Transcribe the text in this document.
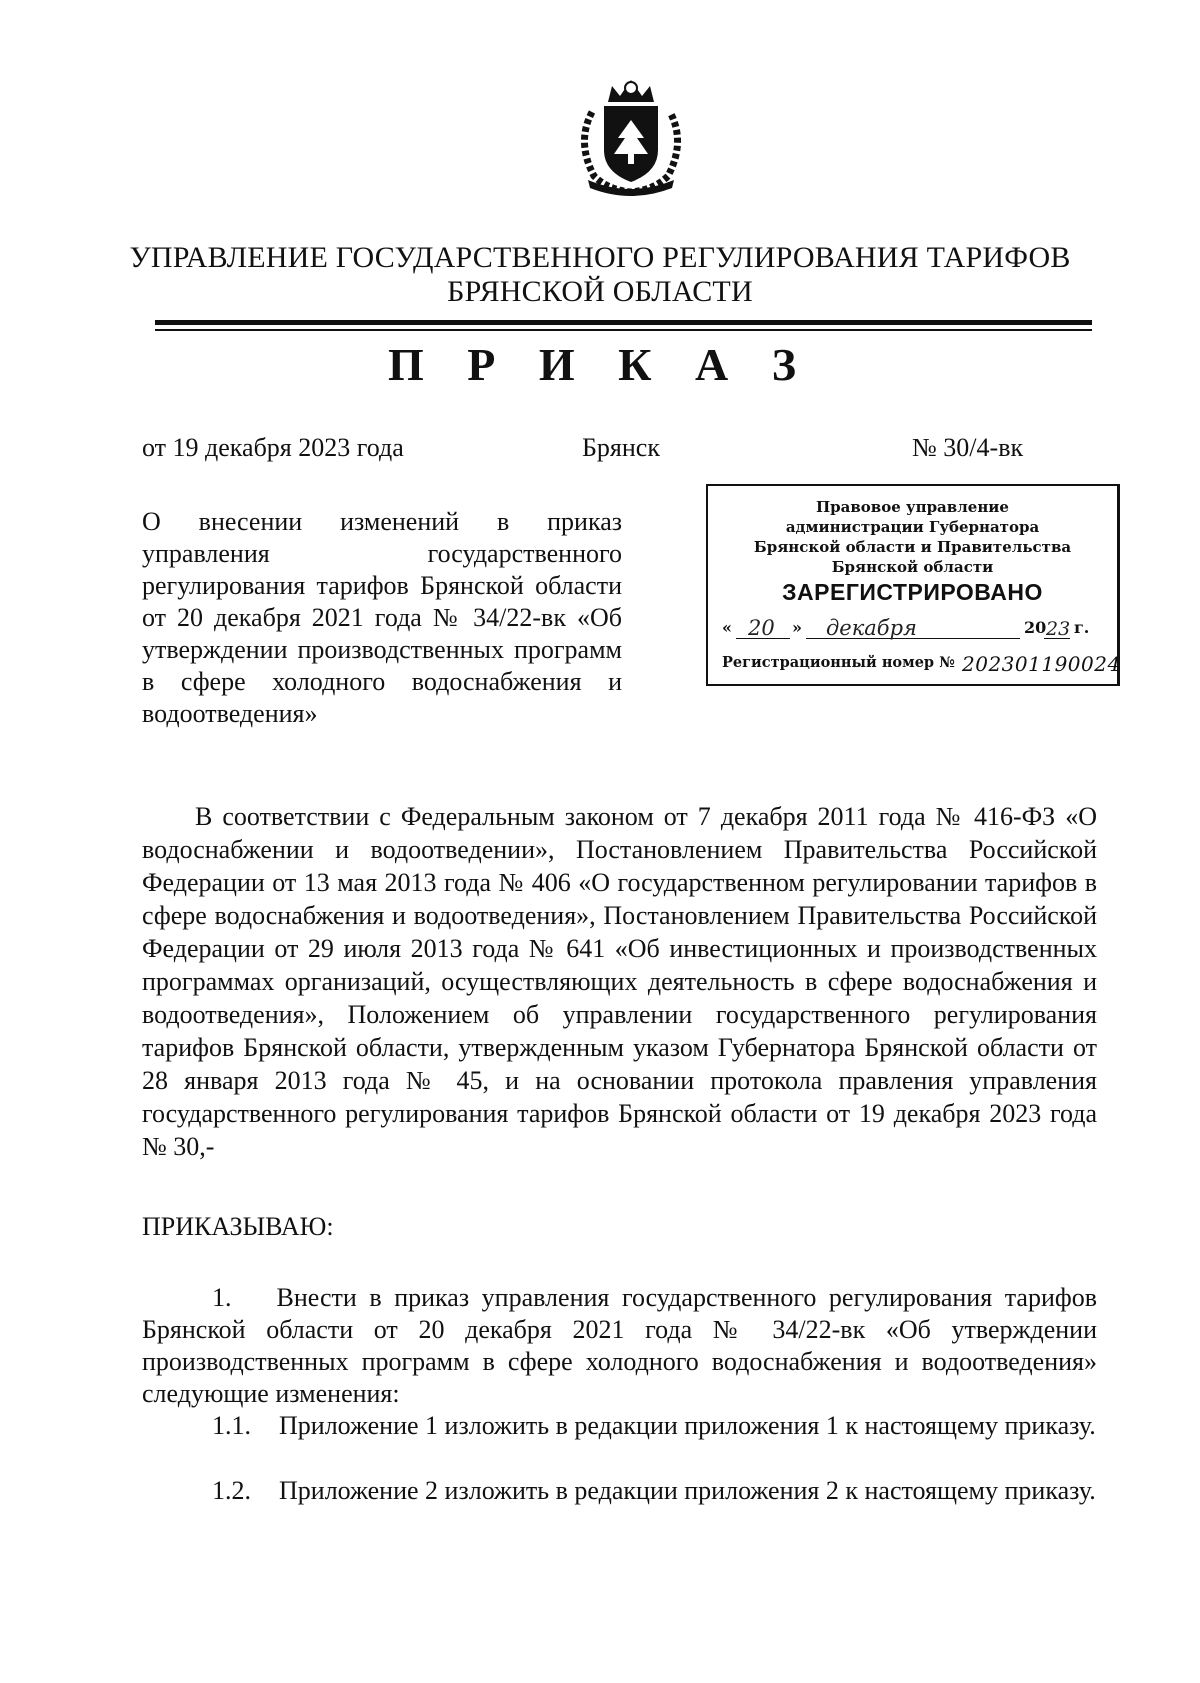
УПРАВЛЕНИЕ ГОСУДАРСТВЕННОГО РЕГУЛИРОВАНИЯ ТАРИФОВ
БРЯНСКОЙ ОБЛАСТИ
П Р И К А З
от 19 декабря 2023 года	Брянск	№ 30/4-вк
Правовое управление
администрации Губернатора
Брянской области и Правительства
Брянской области
ЗАРЕГИСТРИРОВАНО
« 20 » декабря	20 23 г.
Регистрационный номер № 202301190024
О внесении изменений в приказ управления государственного регулирования тарифов Брянской области от 20 декабря 2021 года № 34/22-вк «Об утверждении производственных программ в сфере холодного водоснабжения и водоотведения»
В соответствии с Федеральным законом от 7 декабря 2011 года № 416-ФЗ «О водоснабжении и водоотведении», Постановлением Правительства Российской Федерации от 13 мая 2013 года № 406 «О государственном регулировании тарифов в сфере водоснабжения и водоотведения», Постановлением Правительства Российской Федерации от 29 июля 2013 года № 641 «Об инвестиционных и производственных программах организаций, осуществляющих деятельность в сфере водоснабжения и водоотведения», Положением об управлении государственного регулирования тарифов Брянской области, утвержденным указом Губернатора Брянской области от 28 января 2013 года № 45, и на основании протокола правления управления государственного регулирования тарифов Брянской области от 19 декабря 2023 года № 30,-
ПРИКАЗЫВАЮ:
1. Внести в приказ управления государственного регулирования тарифов Брянской области от 20 декабря 2021 года № 34/22-вк «Об утверждении производственных программ в сфере холодного водоснабжения и водоотведения» следующие изменения:
1.1. Приложение 1 изложить в редакции приложения 1 к настоящему приказу.
1.2. Приложение 2 изложить в редакции приложения 2 к настоящему приказу.
